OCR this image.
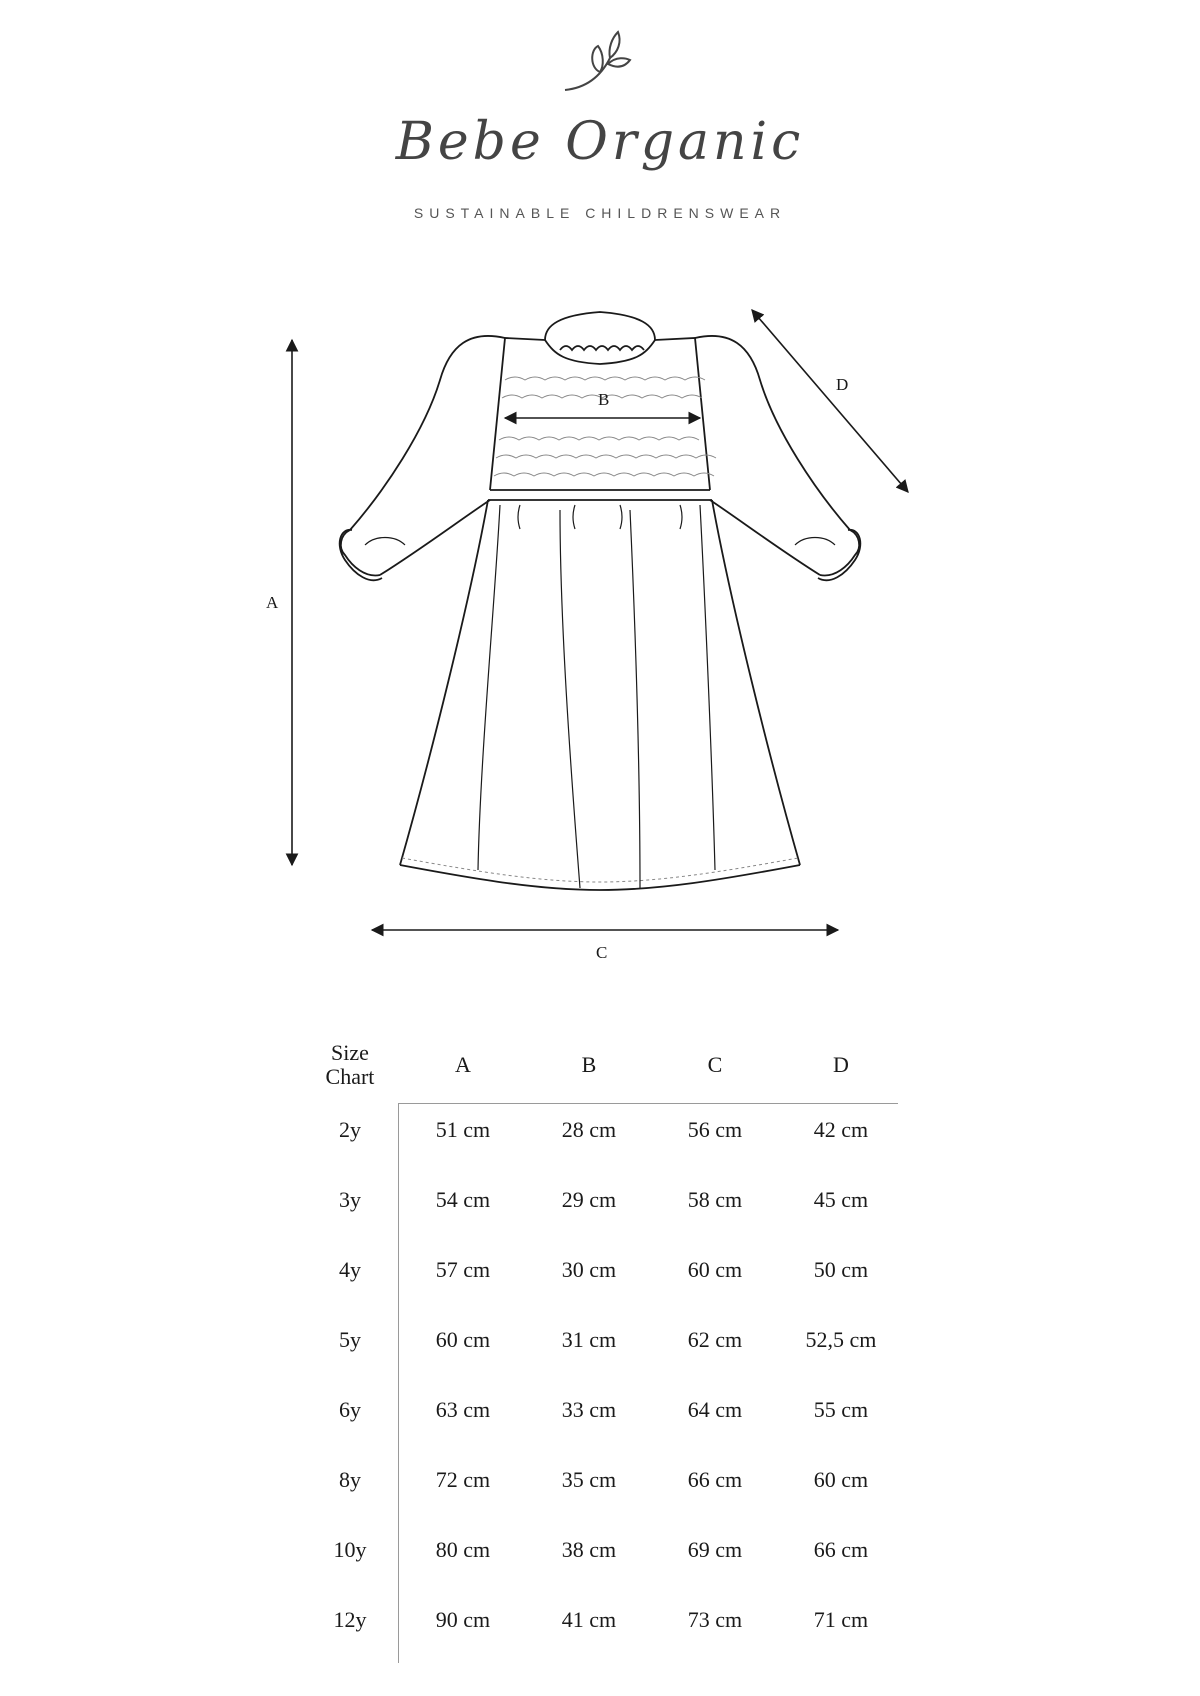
Bebe Organic
SUSTAINABLE CHILDRENSWEAR
A
B
C
D
Size
Chart	A	B	C	D
2y	51 cm	28 cm	56 cm	42 cm
3y	54 cm	29 cm	58 cm	45 cm
4y	57 cm	30 cm	60 cm	50 cm
5y	60 cm	31 cm	62 cm	52,5 cm
6y	63 cm	33 cm	64 cm	55 cm
8y	72 cm	35 cm	66 cm	60 cm
10y	80 cm	38 cm	69 cm	66 cm
12y	90 cm	41 cm	73 cm	71 cm
